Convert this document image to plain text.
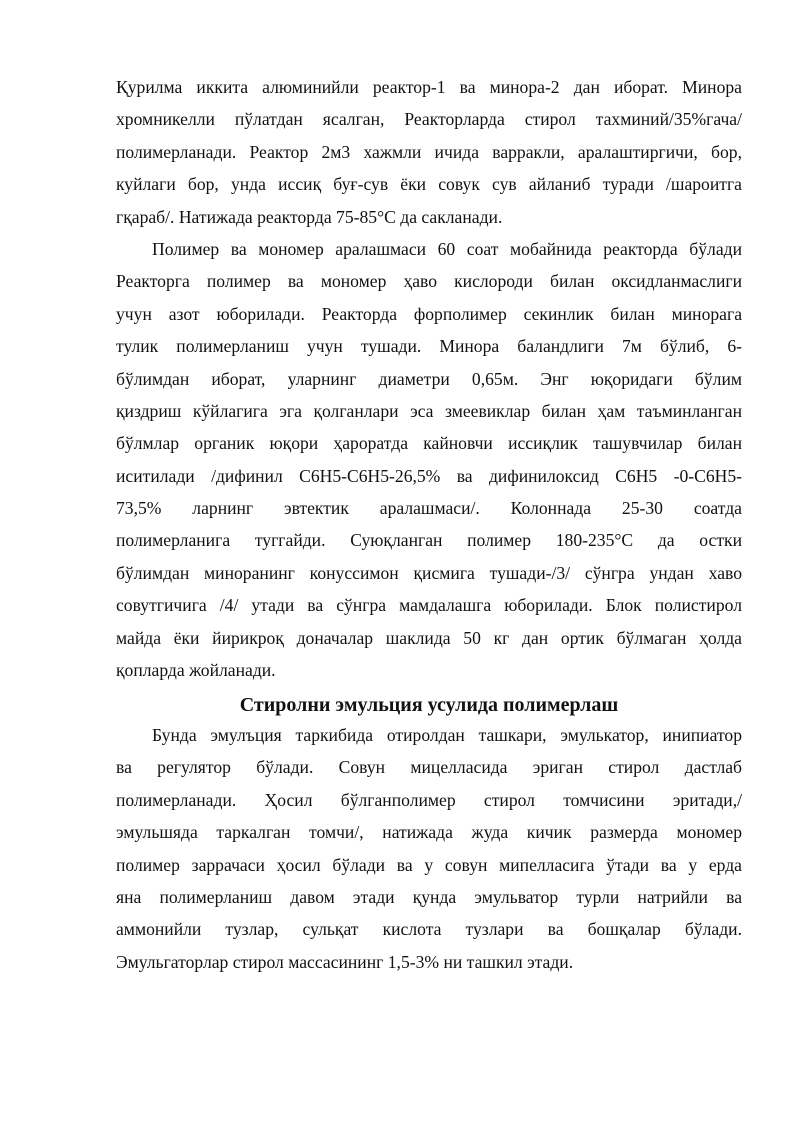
Қурилма иккита алюминийли реактор-1 ва минора-2 дан иборат. Минора
хромникелли пўлатдан ясалган, Реакторларда стирол тахминий/35%гача/
полимерланади. Реактор 2м3 хажмли ичида варракли, аралаштиргичи, бор,
куйлаги бор, унда иссиқ буғ-сув ёки совук сув айланиб туради /шароитга
гқараб/. Натижада реакторда 75-85°С да сакланади.
Полимер ва мономер аралашмаси 60 соат мобайнида реакторда бўлади
Реакторга полимер ва мономер ҳаво кислороди билан оксидланмаслиги
учун азот юборилади. Реакторда форполимер секинлик билан минорага
тулик полимерланиш учун тушади. Минора баландлиги 7м бўлиб, 6-
бўлимдан иборат, уларнинг диаметри 0,65м. Энг юқоридаги бўлим
қиздриш кўйлагига эга қолганлари эса змеевиклар билан ҳам таъминланган
бўлмлар органик юқори ҳароратда кайновчи иссиқлик ташувчилар билан
иситилади /дифинил С6Н5-С6Н5-26,5% ва дифинилоксид С6Н5 -0-С6Н5-
73,5% ларнинг эвтектик аралашмаси/. Колоннада 25-30 соатда
полимерланига туггайди. Суюқланган полимер 180-235°С да остки
бўлимдан минoранинг конуссимон қисмига тушади-/3/ сўнгра ундан хаво
совутгичига /4/ утади ва сўнгра мамдалашга юборилади. Блок полистирол
майда ёки йирикроқ доначалар шаклида 50 кг дан ортик бўлмаган ҳолда
қопларда жойланади.
Стиролни эмульция усулида полимерлаш
Бунда эмулъция таркибида отиролдан ташкари, эмулькатор, инипиатор
ва регулятор бўлади. Совун мицелласида эриган стирол дастлаб
полимерланади. Ҳосил бўлганполимер стирол томчисини эритади,/
эмульшяда таркалган томчи/, натижада жуда кичик размерда мономер
полимер заррачаси ҳосил бўлади ва у совун мипелласига ўтади ва у ерда
яна полимерланиш давом этади қунда эмульватор турли натрийли ва
аммонийли тузлар, сульқат кислота тузлари ва бошқалар бўлади.
Эмульгаторлар стирол массасининг 1,5-3% ни ташкил этади.
